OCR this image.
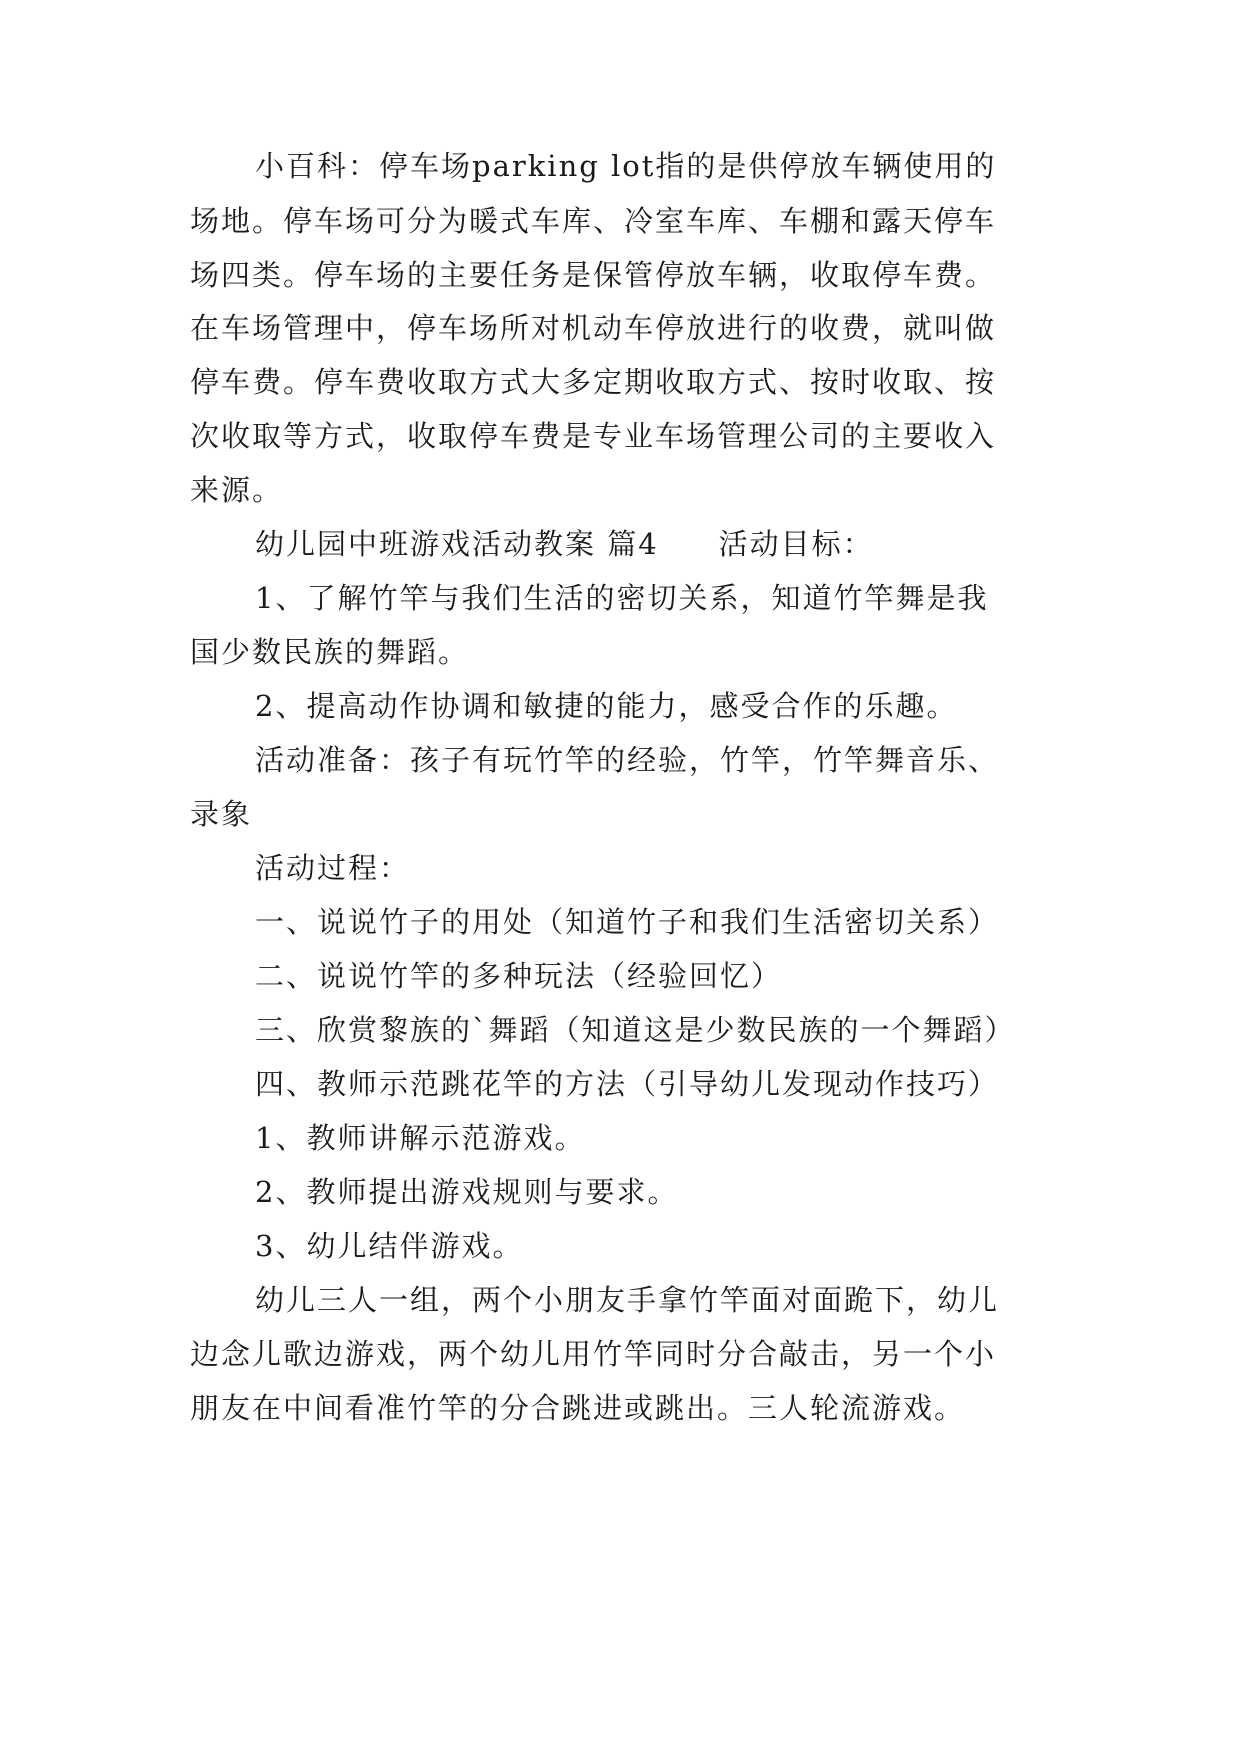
小百科：停车场parking lot指的是供停放车辆使用的
场地。停车场可分为暖式车库、冷室车库、车棚和露天停车
场四类。停车场的主要任务是保管停放车辆，收取停车费。
在车场管理中，停车场所对机动车停放进行的收费，就叫做
停车费。停车费收取方式大多定期收取方式、按时收取、按
次收取等方式，收取停车费是专业车场管理公司的主要收入
来源。
幼儿园中班游戏活动教案 篇4 活动目标：
1、了解竹竿与我们生活的密切关系，知道竹竿舞是我
国少数民族的舞蹈。
2、提高动作协调和敏捷的能力，感受合作的乐趣。
活动准备：孩子有玩竹竿的经验，竹竿，竹竿舞音乐、
录象
活动过程：
一、说说竹子的用处（知道竹子和我们生活密切关系）
二、说说竹竿的多种玩法（经验回忆）
三、欣赏黎族的`舞蹈（知道这是少数民族的一个舞蹈）
四、教师示范跳花竿的方法（引导幼儿发现动作技巧）
1、教师讲解示范游戏。
2、教师提出游戏规则与要求。
3、幼儿结伴游戏。
幼儿三人一组，两个小朋友手拿竹竿面对面跪下，幼儿
边念儿歌边游戏，两个幼儿用竹竿同时分合敲击，另一个小
朋友在中间看准竹竿的分合跳进或跳出。三人轮流游戏。
